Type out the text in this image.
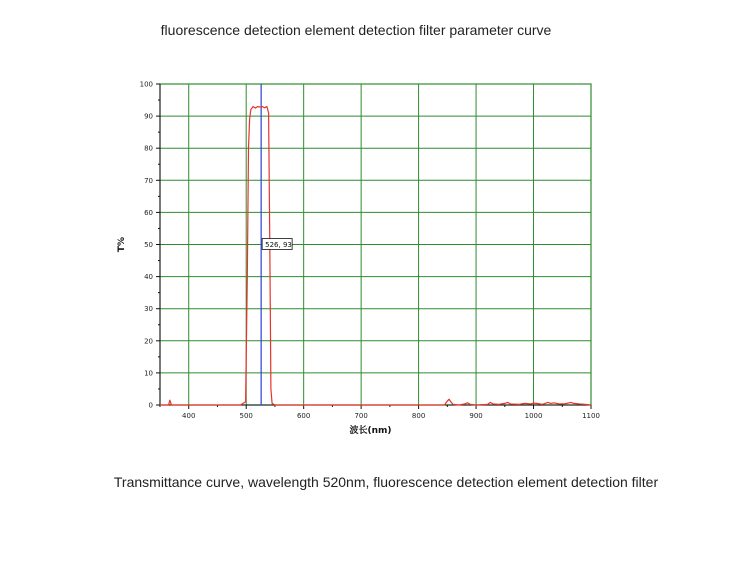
fluorescence detection element detection filter parameter curve
400	500	600	700	800	900	1000	1100
0
10
20
30
40
50
60
70
80
90
100
波长(nm)
T%	526, 93
Transmittance curve, wavelength 520nm, fluorescence detection element detection filter
